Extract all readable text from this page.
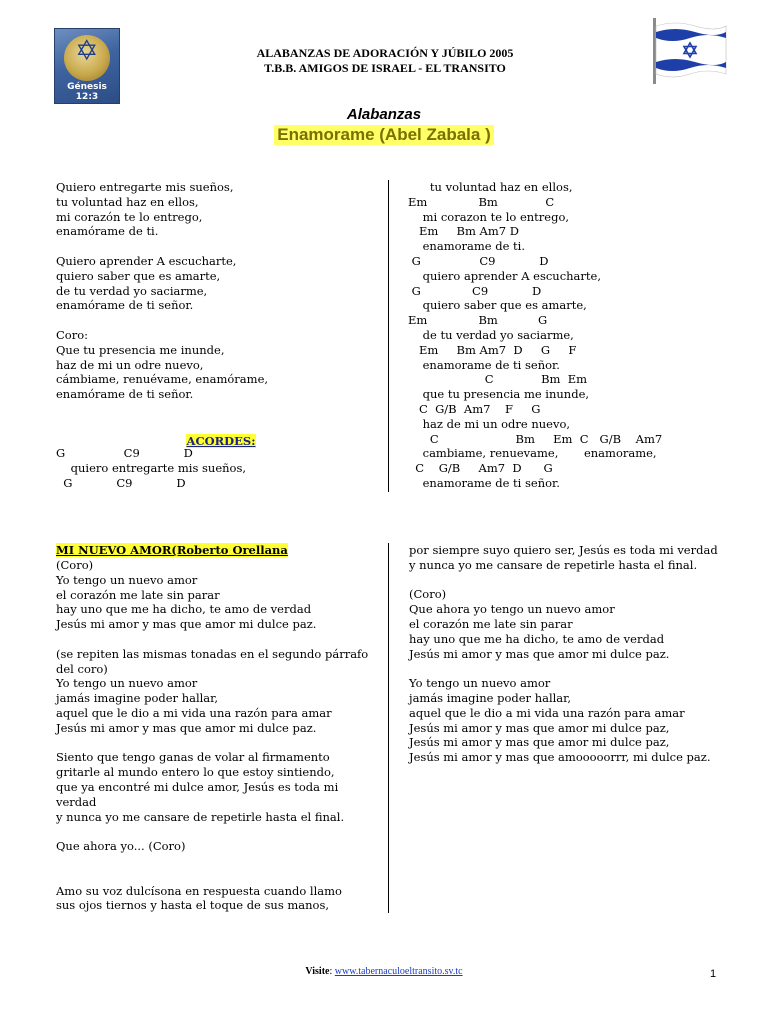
✡
Génesis 12:3
ALABANZAS DE ADORACIÓN Y JÚBILO 2005
T.B.B. AMIGOS DE ISRAEL - EL TRANSITO
Alabanzas
Enamorame (Abel Zabala )
Quiero entregarte mis sueños,
tu voluntad haz en ellos,
mi corazón te lo entrego,
enamórame de ti.
Quiero aprender A escucharte,
quiero saber que es amarte,
de tu verdad yo saciarme,
enamórame de ti señor.
Coro:
Que tu presencia me inunde,
haz de mi un odre nuevo,
cámbiame, renuévame, enamórame,
enamórame de ti señor.
ACORDES:
G                C9            D
quiero entregarte mis sueños,
G            C9            D
tu voluntad haz en ellos,
Em              Bm             C
mi corazon te lo entrego,
Em     Bm Am7 D
enamorame de ti.
G                C9            D
quiero aprender A escucharte,
G              C9            D
quiero saber que es amarte,
Em              Bm           G
de tu verdad yo saciarme,
Em     Bm Am7  D     G     F
enamorame de ti señor.
C             Bm  Em
que tu presencia me inunde,
C  G/B  Am7    F     G
haz de mi un odre nuevo,
C                     Bm     Em  C   G/B    Am7
cambiame, renuevame,       enamorame,
C    G/B     Am7  D      G
enamorame de ti señor.
MI NUEVO AMOR(Roberto Orellana
(Coro)
Yo tengo un nuevo amor
el corazón me late sin parar
hay uno que me ha dicho, te amo de verdad
Jesús mi amor y mas que amor mi dulce paz.
(se repiten las mismas tonadas en el segundo párrafo
del coro)
Yo tengo un nuevo amor
jamás imagine poder hallar,
aquel que le dio a mi vida una razón para amar
Jesús mi amor y mas que amor mi dulce paz.
Siento que tengo ganas de volar al firmamento
gritarle al mundo entero lo que estoy sintiendo,
que ya encontré mi dulce amor, Jesús es toda mi
verdad
y nunca yo me cansare de repetirle hasta el final.
Que ahora yo... (Coro)
Amo su voz dulcísona en respuesta cuando llamo
sus ojos tiernos y hasta el toque de sus manos,
por siempre suyo quiero ser, Jesús es toda mi verdad
y nunca yo me cansare de repetirle hasta el final.
(Coro)
Que ahora yo tengo un nuevo amor
el corazón me late sin parar
hay uno que me ha dicho, te amo de verdad
Jesús mi amor y mas que amor mi dulce paz.
Yo tengo un nuevo amor
jamás imagine poder hallar,
aquel que le dio a mi vida una razón para amar
Jesús mi amor y mas que amor mi dulce paz,
Jesús mi amor y mas que amor mi dulce paz,
Jesús mi amor y mas que amooooorrr, mi dulce paz.
Visite: www.tabernaculoeltransito.sv.tc	1
